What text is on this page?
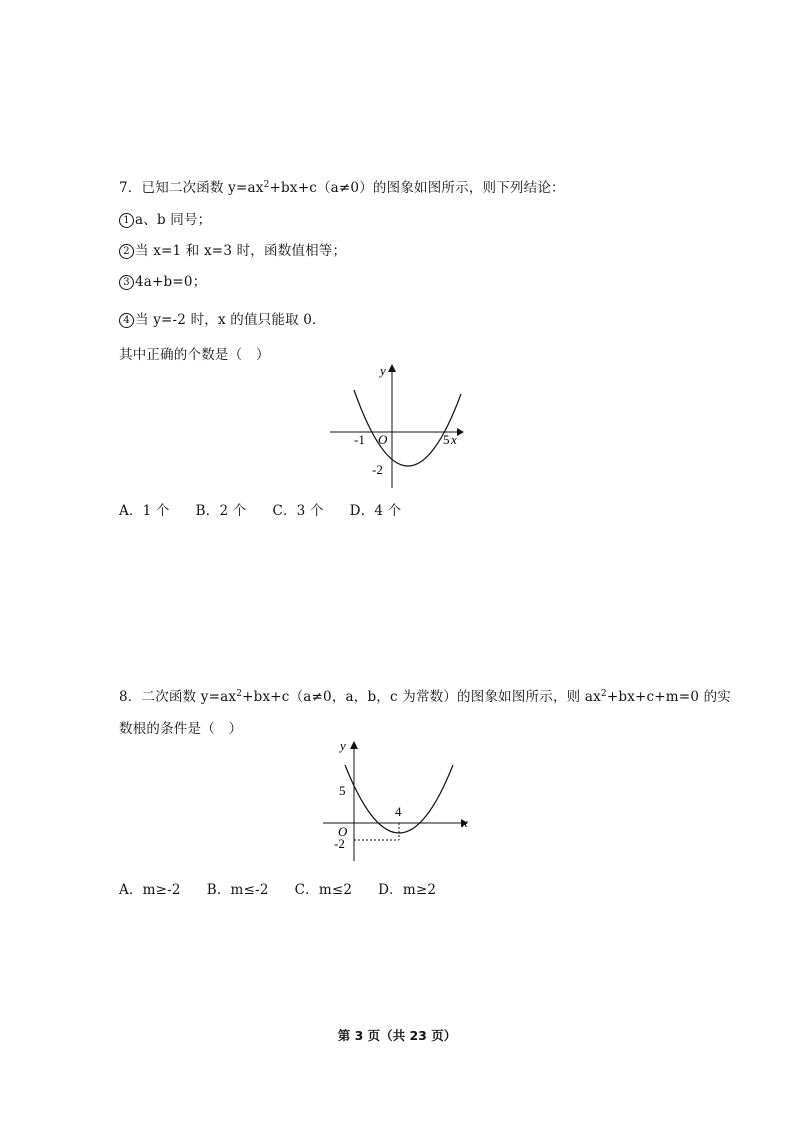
7．已知二次函数 $y=ax^2+bx+c(a\ne 0)$的图象如图所示，则下列结论：
1 a、b 同号；
2 当 x=1 和 x=3 时，函数值相等；
3 4a+b=0；
4 当 y=-2 时，x 的值只能取 0．
其中正确的个数是（　）
y
x
O
-1	5
-2
A．1 个 B．2 个 C．3 个 D．4 个
8．二次函数 $y=ax^2+bx+c(a\ne 0$，a，b，c 为常数）的图象如图所示，则 $ax^2+bx+c+m=0$ 的实
数根的条件是（　）
y
x
O
5
4
-2
A．m≥-2 B．m≤-2 C．m≤2 D．m≥2
第 3 页（共 23 页）
